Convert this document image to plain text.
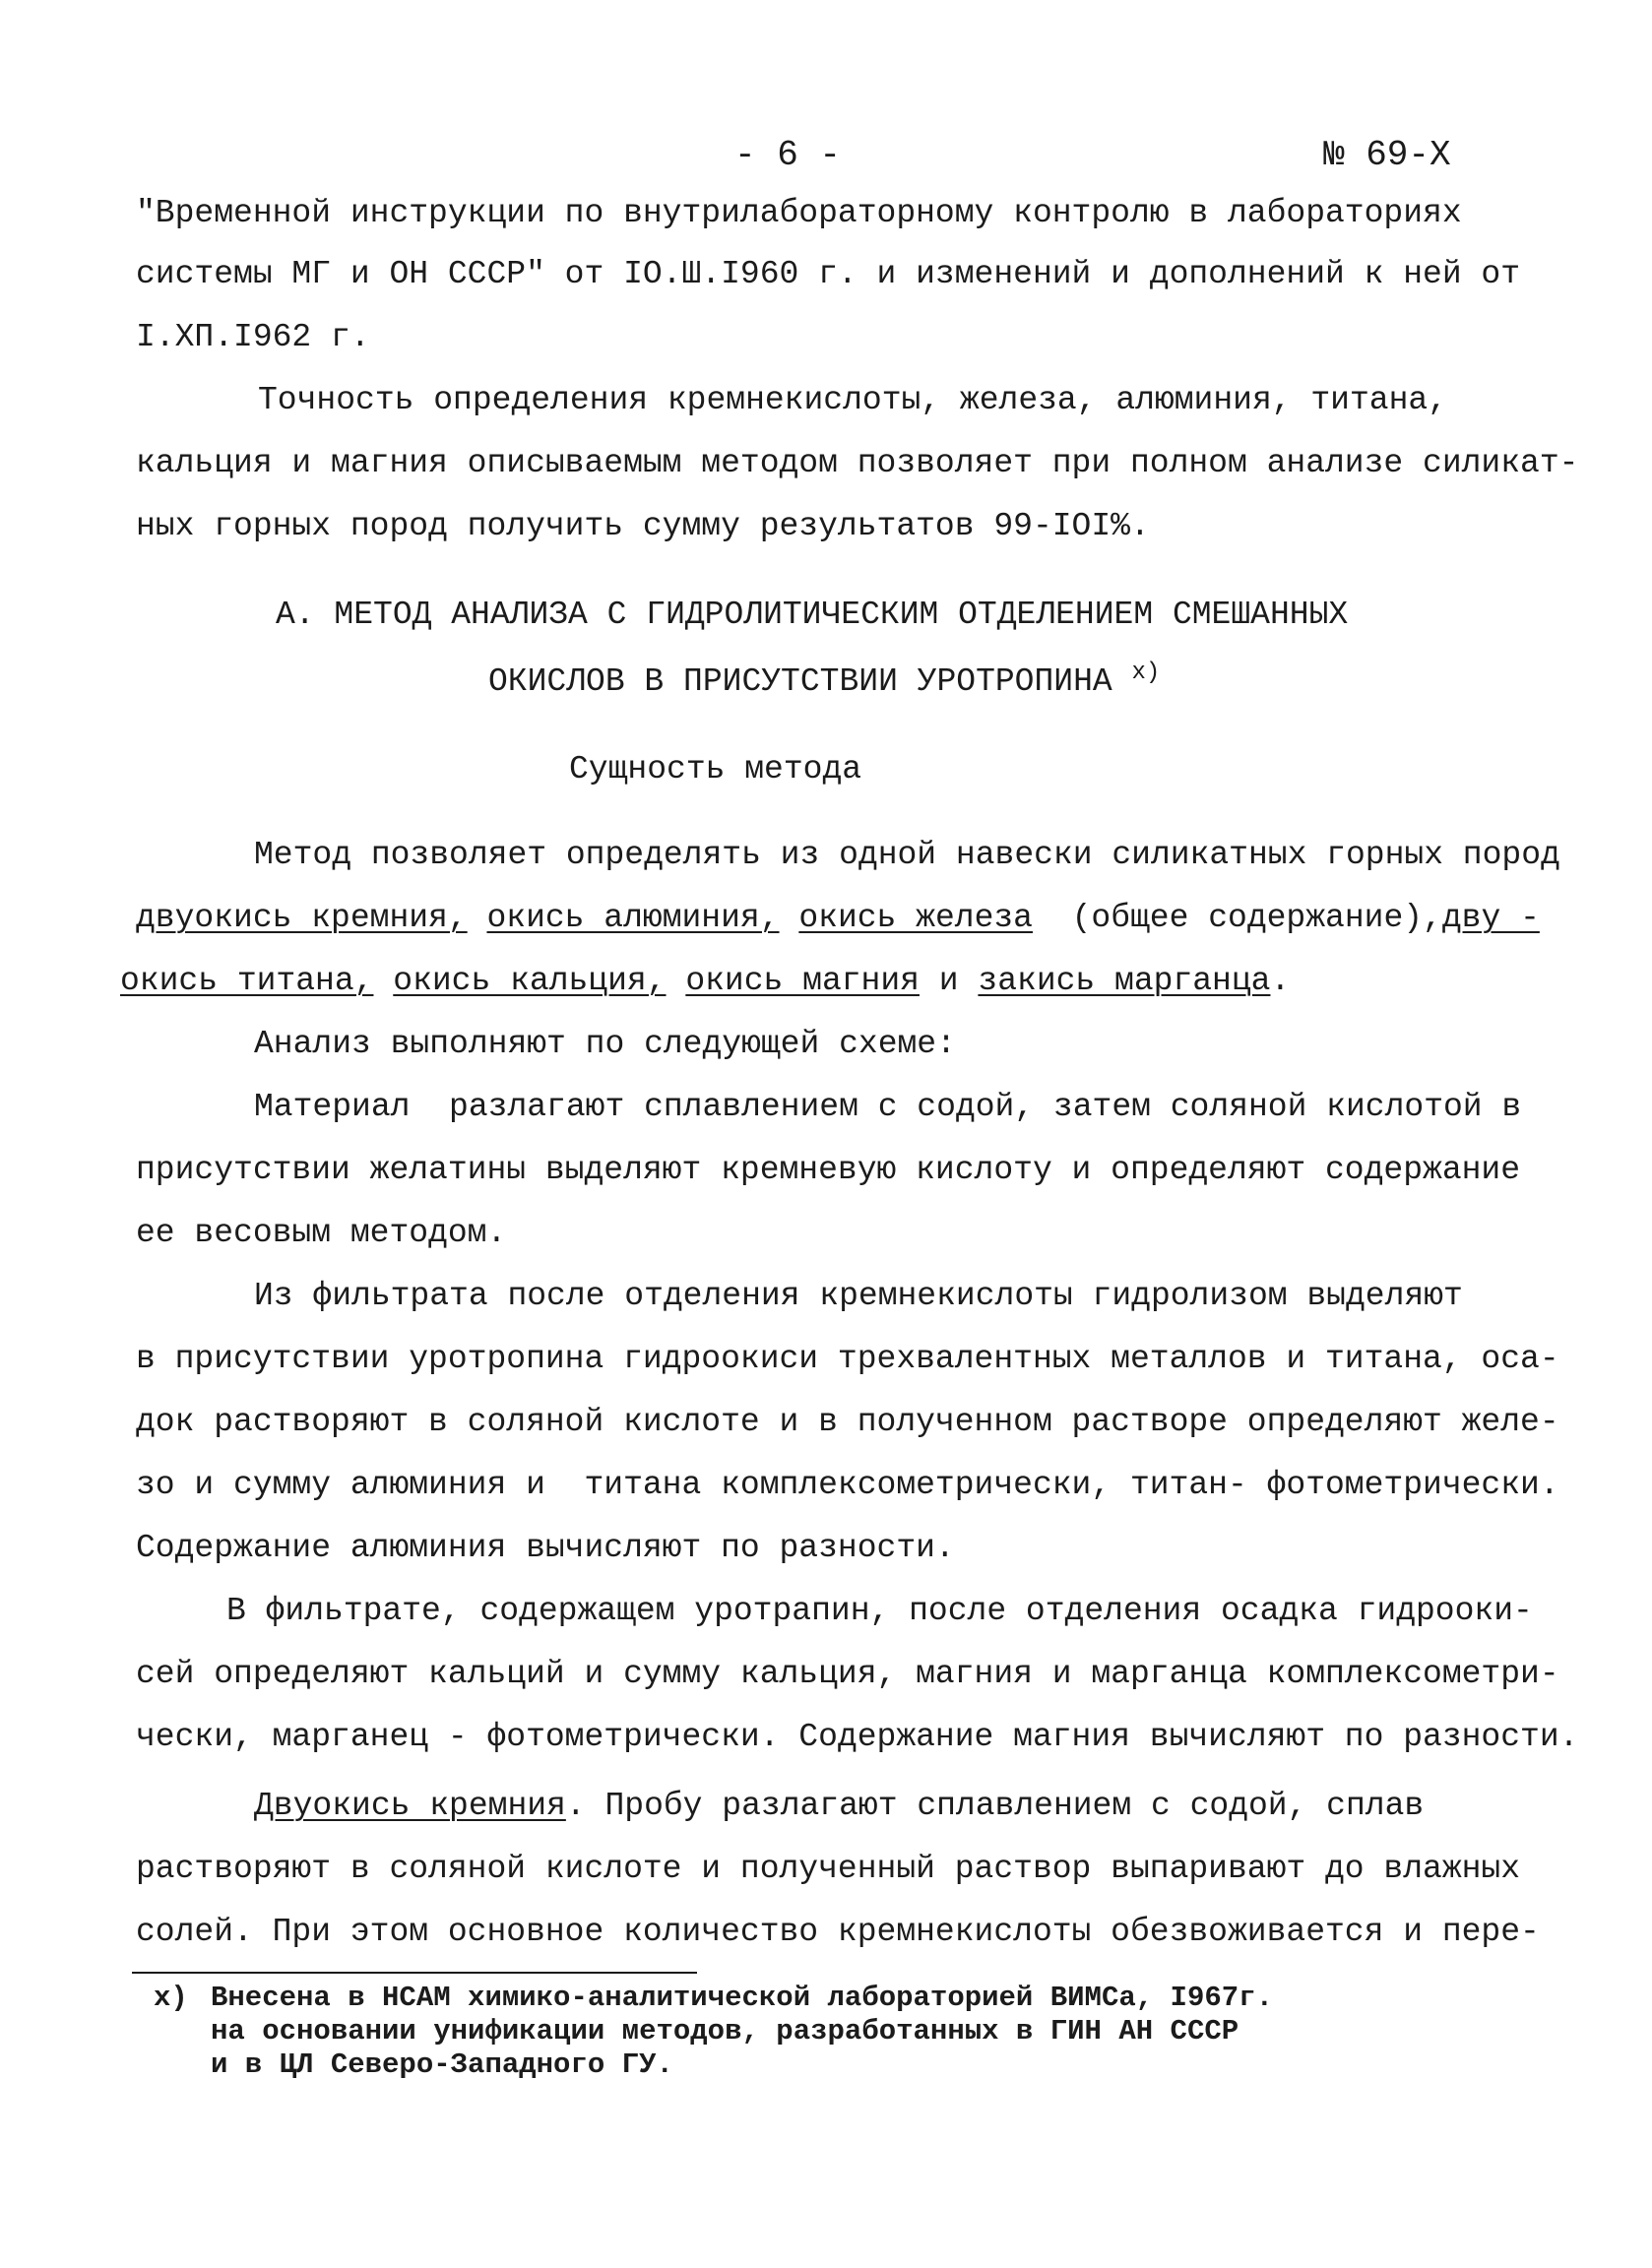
- 6 -	№ 69-Х
"Временной инструкции по внутрилабораторному контролю в лабораториях
системы МГ и ОН СССР" от IO.Ш.I960 г. и изменений и дополнений к ней от
I.ХП.I962 г.
Точность определения кремнекислоты, железа, алюминия, титана,
кальция и магния описываемым методом позволяет при полном анализе силикат-
ных горных пород получить сумму результатов 99-IOI%.
А. МЕТОД АНАЛИЗА С ГИДРОЛИТИЧЕСКИМ ОТДЕЛЕНИЕМ СМЕШАННЫХ
ОКИСЛОВ В ПРИСУТСТВИИ УРОТРОПИНА $^{х)}$
Сущность метода
Метод позволяет определять из одной навески силикатных горных пород
двуокись кремния, окись алюминия, окись железа (общее содержание),дву -
окись титана, окись кальция, окись магния и закись марганца.
Анализ выполняют по следующей схеме:
Материал  разлагают сплавлением с содой, затем соляной кислотой в
присутствии желатины выделяют кремневую кислоту и определяют содержание
ее весовым методом.
Из фильтрата после отделения кремнекислоты гидролизом выделяют
в присутствии уротропина гидроокиси трехвалентных металлов и титана, оса-
док растворяют в соляной кислоте и в полученном растворе определяют желе-
зо и сумму алюминия и  титана комплексометрически, титан- фотометрически.
Содержание алюминия вычисляют по разности.
В фильтрате, содержащем уротрапин, после отделения осадка гидрооки-
сей определяют кальций и сумму кальция, магния и марганца комплексометри-
чески, марганец - фотометрически. Содержание магния вычисляют по разности.
Двуокись кремния. Пробу разлагают сплавлением с содой, сплав
растворяют в соляной кислоте и полученный раствор выпаривают до влажных
солей. При этом основное количество кремнекислоты обезвоживается и пере-
х) Внесена в НСАМ химико-аналитической лабораторией ВИМСа, I967г.
на основании унификации методов, разработанных в ГИН АН СССР
и в ЦЛ Северо-Западного ГУ.
